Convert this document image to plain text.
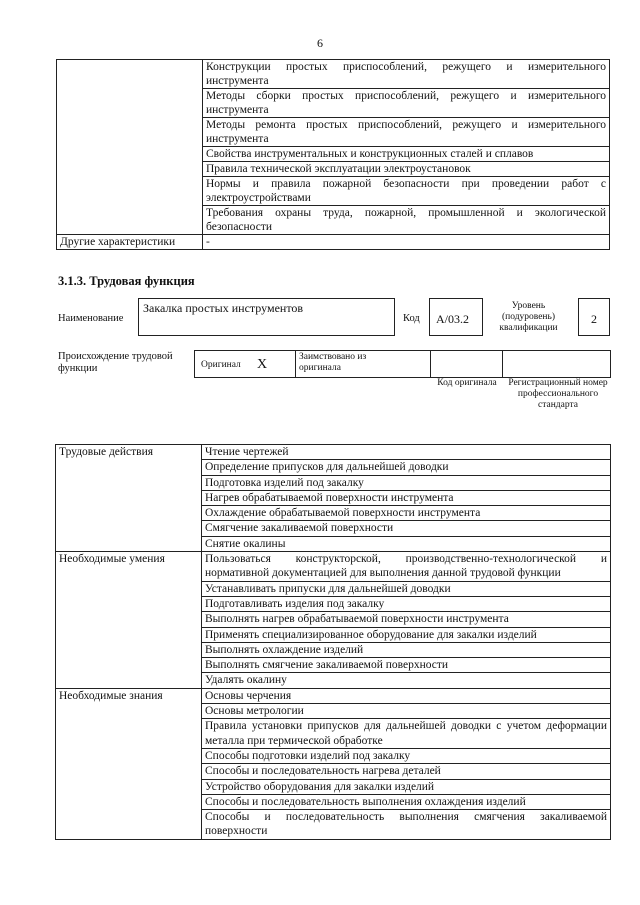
6
	Конструкции простых приспособлений, режущего и измерительного инструмента
	Методы сборки простых приспособлений, режущего и измерительного инструмента
	Методы ремонта простых приспособлений, режущего и измерительного инструмента
	Свойства инструментальных и конструкционных сталей и сплавов
	Правила технической эксплуатации электроустановок
	Нормы и правила пожарной безопасности при проведении работ с электроустройствами
	Требования охраны труда, пожарной, промышленной и экологической безопасности
Другие характеристики	-
3.1.3. Трудовая функция
Наименование
Закалка простых инструментов
Код	А/03.2
Уровень (подуровень) квалификации
2
Происхождение трудовой функции	Оригинал X	Заимствовано из оригинала
Код оригинала	Регистрационный номер профессионального стандарта
Трудовые действия	Чтение чертежей
	Определение припусков для дальнейшей доводки
	Подготовка изделий под закалку
	Нагрев обрабатываемой поверхности инструмента
	Охлаждение обрабатываемой поверхности инструмента
	Смягчение закаливаемой поверхности
	Снятие окалины
Необходимые умения	Пользоваться конструкторской, производственно-технологической и нормативной документацией для выполнения данной трудовой функции
	Устанавливать припуски для дальнейшей доводки
	Подготавливать изделия под закалку
	Выполнять нагрев обрабатываемой поверхности инструмента
	Применять специализированное оборудование для закалки изделий
	Выполнять охлаждение изделий
	Выполнять смягчение закаливаемой поверхности
	Удалять окалину
Необходимые знания	Основы черчения
	Основы метрологии
	Правила установки припусков для дальнейшей доводки с учетом деформации металла при термической обработке
	Способы подготовки изделий под закалку
	Способы и последовательность нагрева деталей
	Устройство оборудования для закалки изделий
	Способы и последовательность выполнения охлаждения изделий
	Способы и последовательность выполнения смягчения закаливаемой поверхности
